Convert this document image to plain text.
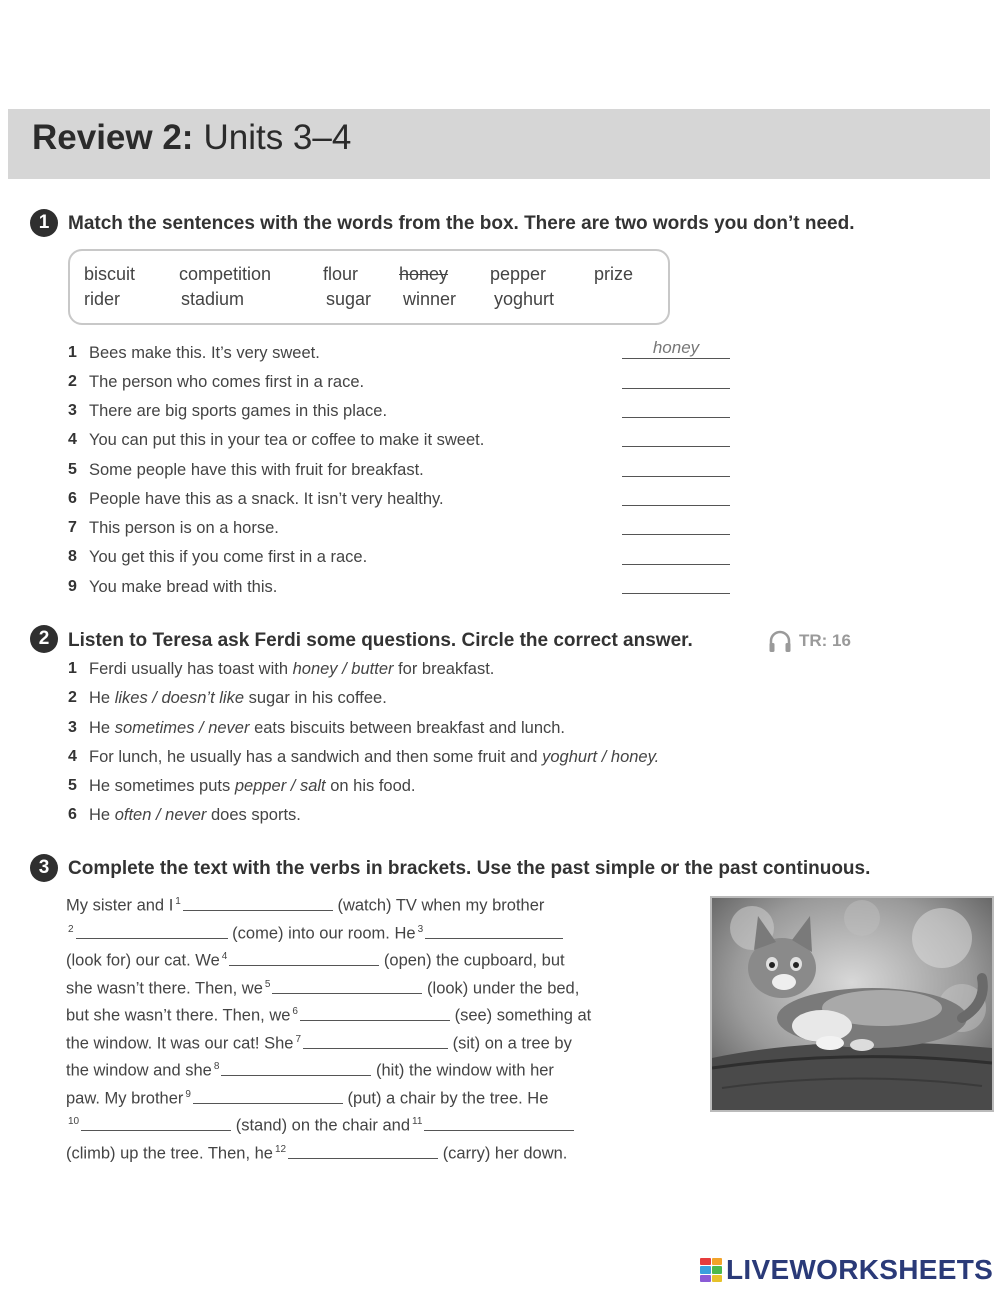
Review 2: Units 3–4
1 Match the sentences with the words from the box. There are two words you don’t need.
biscuit competition	flour honey pepper	prize
rider	stadium	sugar winner yoghurt
1 Bees make this. It’s very sweet.	honey
2 The person who comes first in a race.
3 There are big sports games in this place.
4 You can put this in your tea or coffee to make it sweet.
5 Some people have this with fruit for breakfast.
6 People have this as a snack. It isn’t very healthy.
7 This person is on a horse.
8 You get this if you come first in a race.
9 You make bread with this.
2 Listen to Teresa ask Ferdi some questions. Circle the correct answer.	TR: 16
1 Ferdi usually has toast with honey / butter for breakfast.
2 He likes / doesn’t like sugar in his coffee.
3 He sometimes / never eats biscuits between breakfast and lunch.
4 For lunch, he usually has a sandwich and then some fruit and yoghurt / honey.
5 He sometimes puts pepper / salt on his food.
6 He often / never does sports.
3 Complete the text with the verbs in brackets. Use the past simple or the past continuous.
My sister and I $^1$	(watch) TV when my brother
$^2$	(come) into our room. He $^3$
(look for) our cat. We $^4$	(open) the cupboard, but
she wasn’t there. Then, we $^5$	(look) under the bed,
but she wasn’t there. Then, we $^6$	(see) something at
the window. It was our cat! She $^7$	(sit) on a tree by
the window and she $^8$	(hit) the window with her
paw. My brother $^9$	(put) a chair by the tree. He
$^{10}$	(stand) on the chair and $^{11}$
(climb) up the tree. Then, he $^{12}$	(carry) her down.
LIVEWORKSHEETS
